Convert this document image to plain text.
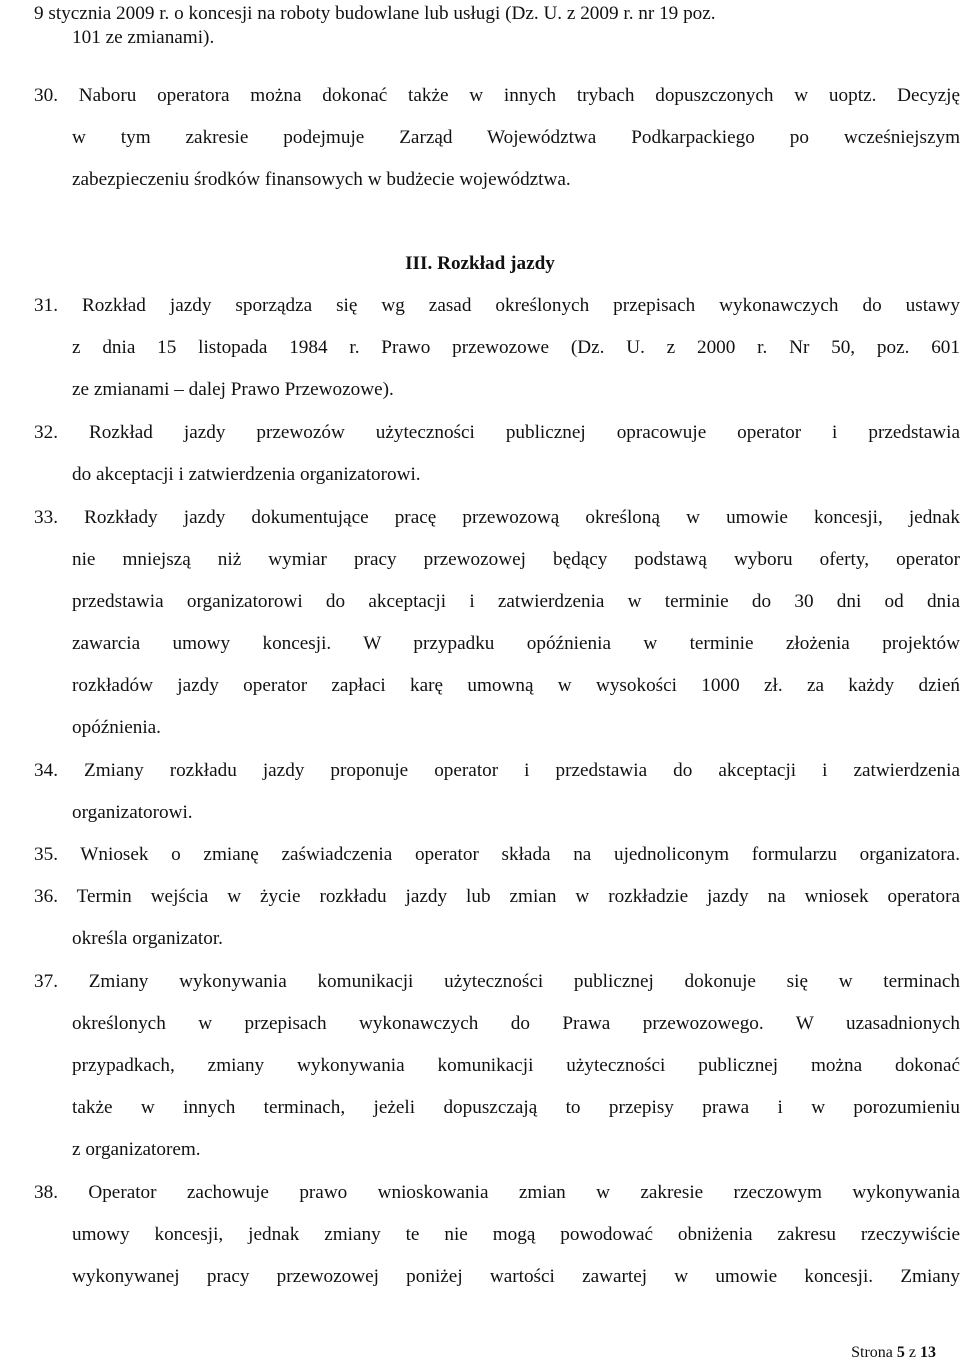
9 stycznia 2009 r. o koncesji na roboty budowlane lub usługi (Dz. U. z 2009 r. nr 19 poz.
101 ze zmianami).
30. Naboru operatora można dokonać także w innych trybach dopuszczonych w uoptz. Decyzję
w tym zakresie podejmuje Zarząd Województwa Podkarpackiego po wcześniejszym
zabezpieczeniu środków finansowych w budżecie województwa.
III. Rozkład jazdy
31. Rozkład jazdy sporządza się wg zasad określonych przepisach wykonawczych do ustawy
z dnia 15 listopada 1984 r. Prawo przewozowe (Dz. U. z 2000 r. Nr 50, poz. 601
ze zmianami – dalej Prawo Przewozowe).
32. Rozkład jazdy przewozów użyteczności publicznej opracowuje operator i przedstawia
do akceptacji i zatwierdzenia organizatorowi.
33. Rozkłady jazdy dokumentujące pracę przewozową określoną w umowie koncesji, jednak
nie mniejszą niż wymiar pracy przewozowej będący podstawą wyboru oferty, operator
przedstawia organizatorowi do akceptacji i zatwierdzenia w terminie do 30 dni od dnia
zawarcia umowy koncesji. W przypadku opóźnienia w terminie złożenia projektów
rozkładów jazdy operator zapłaci karę umowną w wysokości 1000 zł. za każdy dzień
opóźnienia.
34. Zmiany rozkładu jazdy proponuje operator i przedstawia do akceptacji i zatwierdzenia
organizatorowi.
35. Wniosek o zmianę zaświadczenia operator składa na ujednoliconym formularzu organizatora.
36. Termin wejścia w życie rozkładu jazdy lub zmian w rozkładzie jazdy na wniosek operatora
określa organizator.
37. Zmiany wykonywania komunikacji użyteczności publicznej dokonuje się w terminach
określonych w przepisach wykonawczych do Prawa przewozowego. W uzasadnionych
przypadkach, zmiany wykonywania komunikacji użyteczności publicznej można dokonać
także w innych terminach, jeżeli dopuszczają to przepisy prawa i w porozumieniu
z organizatorem.
38. Operator zachowuje prawo wnioskowania zmian w zakresie rzeczowym wykonywania
umowy koncesji, jednak zmiany te nie mogą powodować obniżenia zakresu rzeczywiście
wykonywanej pracy przewozowej poniżej wartości zawartej w umowie koncesji. Zmiany
Strona 5 z 13
